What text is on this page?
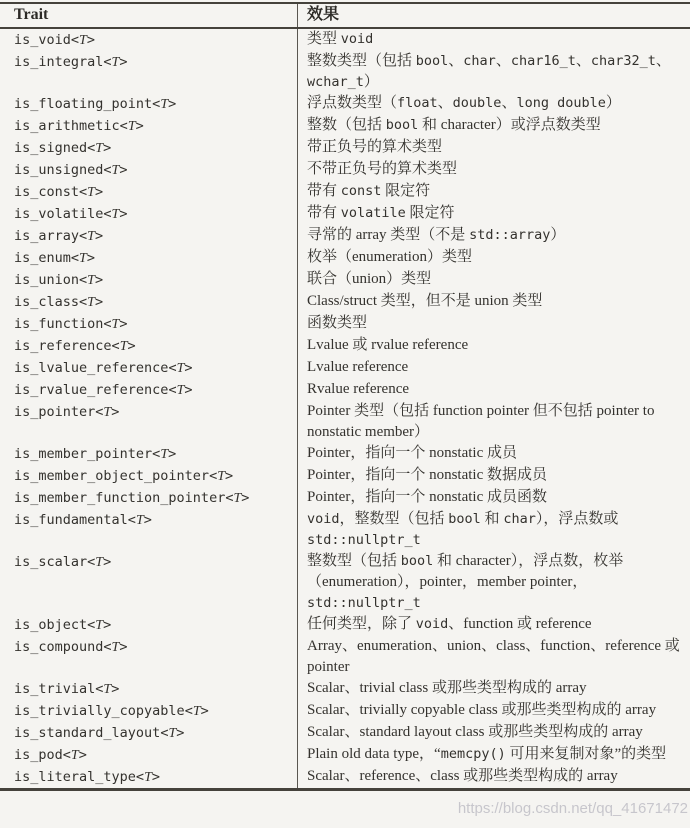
Trait	效果
is_void<T>	类型 void
is_integral<T>	整数类型（包括 bool、char、char16_t、char32_t、wchar_t）
is_floating_point<T>	浮点数类型（float、double、long double）
is_arithmetic<T>	整数（包括 bool 和 character）或浮点数类型
is_signed<T>	带正负号的算术类型
is_unsigned<T>	不带正负号的算术类型
is_const<T>	带有 const 限定符
is_volatile<T>	带有 volatile 限定符
is_array<T>	寻常的 array 类型（不是 std::array）
is_enum<T>	枚举（enumeration）类型
is_union<T>	联合（union）类型
is_class<T>	Class/struct 类型，但不是 union 类型
is_function<T>	函数类型
is_reference<T>	Lvalue 或 rvalue reference
is_lvalue_reference<T>	Lvalue reference
is_rvalue_reference<T>	Rvalue reference
is_pointer<T>	Pointer 类型（包括 function pointer 但不包括 pointer to nonstatic member）
is_member_pointer<T>	Pointer，指向一个 nonstatic 成员
is_member_object_pointer<T>	Pointer，指向一个 nonstatic 数据成员
is_member_function_pointer<T>	Pointer，指向一个 nonstatic 成员函数
is_fundamental<T>	void，整数型（包括 bool 和 char），浮点数或std::nullptr_t
is_scalar<T>	整数型（包括 bool 和 character），浮点数，枚举（enumeration），pointer，member pointer，std::nullptr_t
is_object<T>	任何类型，除了 void、function 或 reference
is_compound<T>	Array、enumeration、union、class、function、reference 或 pointer
is_trivial<T>	Scalar、trivial class 或那些类型构成的 array
is_trivially_copyable<T>	Scalar、trivially copyable class 或那些类型构成的 array
is_standard_layout<T>	Scalar、standard layout class 或那些类型构成的 array
is_pod<T>	Plain old data type，“memcpy() 可用来复制对象”的类型
is_literal_type<T>	Scalar、reference、class 或那些类型构成的 array
https://blog.csdn.net/qq_41671472
